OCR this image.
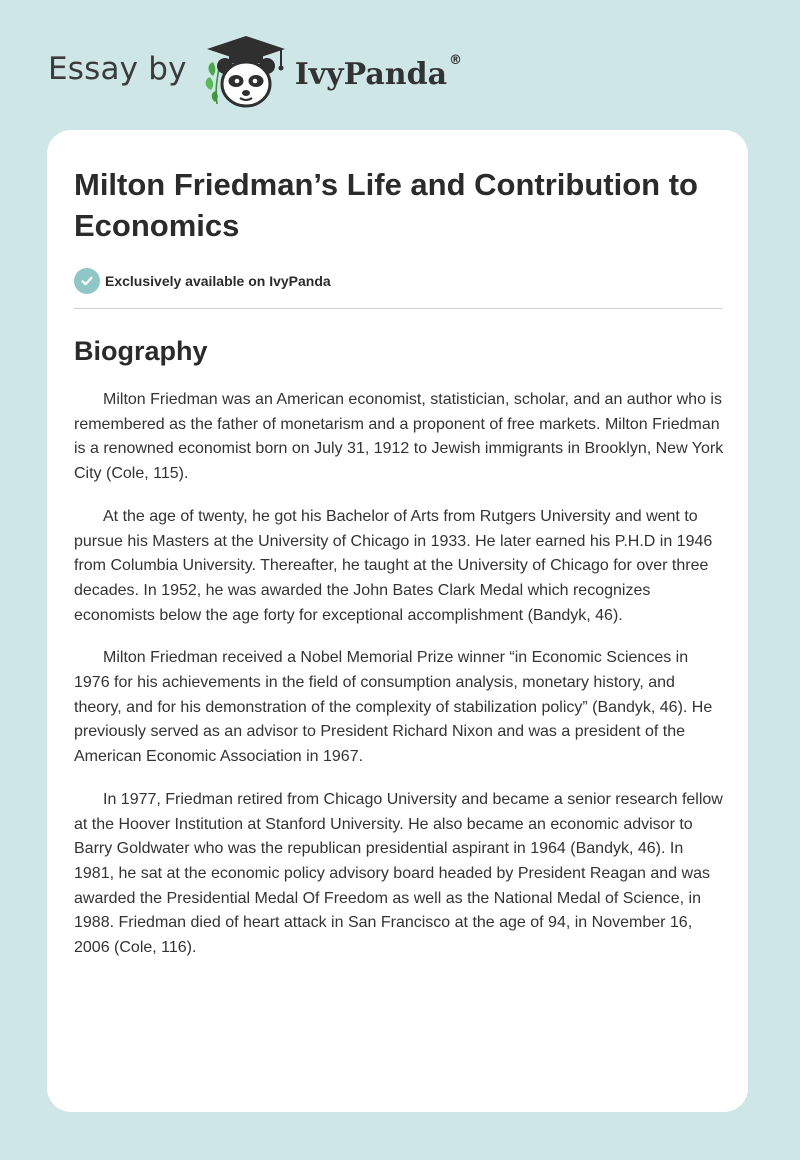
Essay by	IvyPanda ®
Milton Friedman’s Life and Contribution to Economics
Exclusively available on IvyPanda
Biography

Milton Friedman was an American economist, statistician, scholar, and an author who is remembered as the father of monetarism and a proponent of free markets. Milton Friedman is a renowned economist born on July 31, 1912 to Jewish immigrants in Brooklyn, New York City (Cole, 115).

At the age of twenty, he got his Bachelor of Arts from Rutgers University and went to pursue his Masters at the University of Chicago in 1933. He later earned his P.H.D in 1946 from Columbia University. Thereafter, he taught at the University of Chicago for over three decades. In 1952, he was awarded the John Bates Clark Medal which recognizes economists below the age forty for exceptional accomplishment (Bandyk, 46).

Milton Friedman received a Nobel Memorial Prize winner “in Economic Sciences in 1976 for his achievements in the field of consumption analysis, monetary history, and theory, and for his demonstration of the complexity of stabilization policy” (Bandyk, 46). He previously served as an advisor to President Richard Nixon and was a president of the American Economic Association in 1967.

In 1977, Friedman retired from Chicago University and became a senior research fellow at the Hoover Institution at Stanford University. He also became an economic advisor to Barry Goldwater who was the republican presidential aspirant in 1964 (Bandyk, 46). In 1981, he sat at the economic policy advisory board headed by President Reagan and was awarded the Presidential Medal Of Freedom as well as the National Medal of Science, in 1988. Friedman died of heart attack in San Francisco at the age of 94, in November 16, 2006 (Cole, 116).
